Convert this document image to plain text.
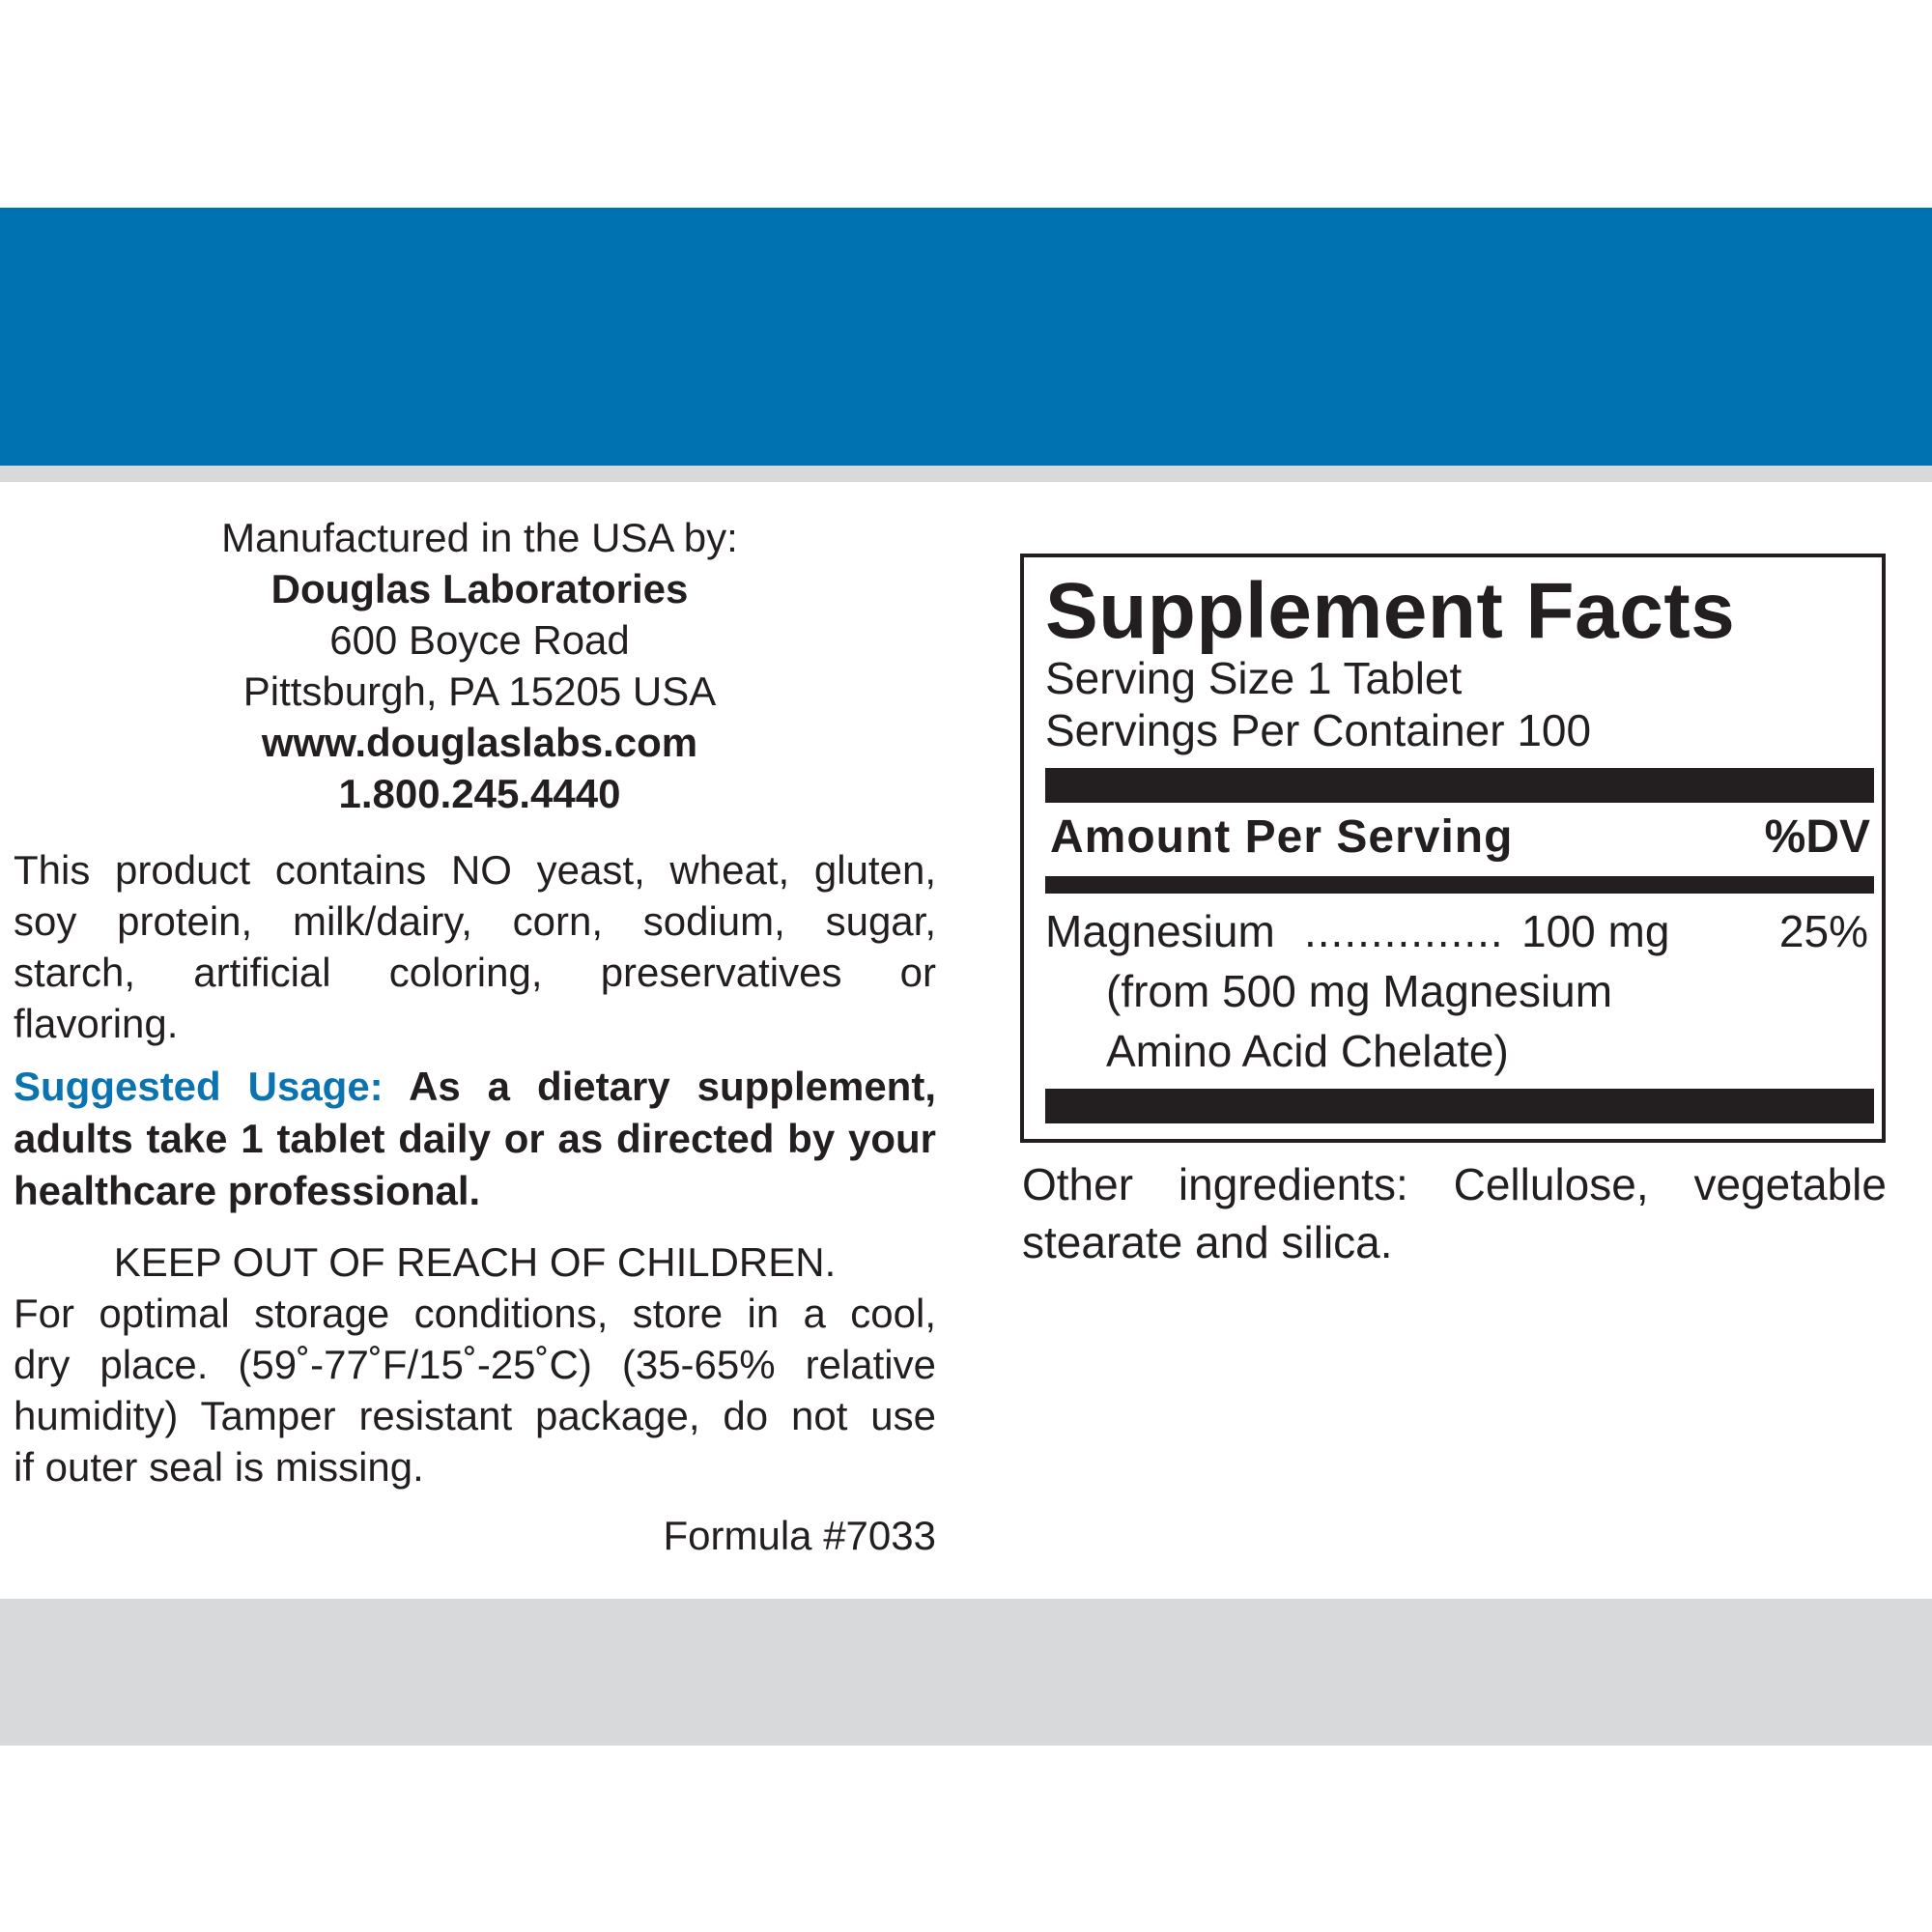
Manufactured in the USA by:
Douglas Laboratories
600 Boyce Road
Pittsburgh, PA 15205 USA
www.douglaslabs.com
1.800.245.4440
This product contains NO yeast, wheat, gluten,
soy protein, milk/dairy, corn, sodium, sugar,
starch, artificial coloring, preservatives or
flavoring.
Suggested Usage: As a dietary supplement, adults take 1 tablet daily or as directed by your healthcare professional.
KEEP OUT OF REACH OF CHILDREN.
For optimal storage conditions, store in a cool,
dry place. (59˚-77˚F/15˚-25˚C) (35-65% relative
humidity) Tamper resistant package, do not use
if outer seal is missing.
Formula #7033
Supplement Facts
Serving Size 1 Tablet
Servings Per Container 100
Amount Per Serving	%DV
Magnesium ............... 100 mg 25%
(from 500 mg Magnesium
Amino Acid Chelate)
Other ingredients: Cellulose, vegetable stearate and silica.
